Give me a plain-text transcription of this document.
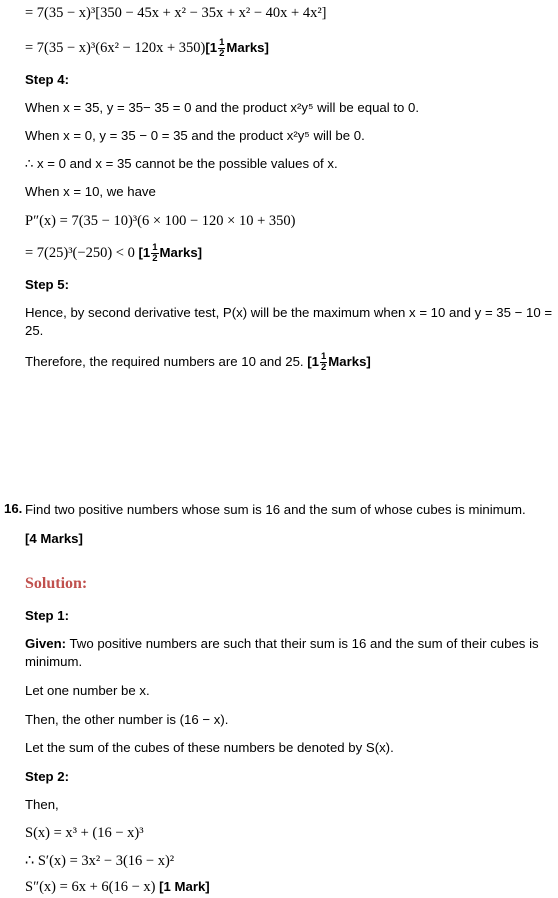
= 7(35 − x)³[350 − 45x + x² − 35x + x² − 40x + 4x²]
= $7(35 - x)^3(6x^2 - 120x + 350)[1 \frac{1}{2}$ Marks]
Step 4:
When x = 35, y = 35− 35 = 0 and the product x²y⁵ will be equal to 0.
When x = 0, y = 35 − 0 = 35 and the product x²y⁵ will be 0.
∴ x = 0 and x = 35 cannot be the possible values of x.
When x = 10, we have
P″(x) = 7(35 − 10)³(6 × 100 − 120 × 10 + 350)
= 7(25)³(−250) < 0 [$1 \frac{1}{2}$ Marks]
Step 5:
Hence, by second derivative test, P(x) will be the maximum when x = 10 and y = 35 − 10 = 25.
Therefore, the required numbers are 10 and 25. [$1 \frac{1}{2}$ Marks]
16. Find two positive numbers whose sum is 16 and the sum of whose cubes is minimum.
[4 Marks]
Solution:
Step 1:
Given: Two positive numbers are such that their sum is 16 and the sum of their cubes is minimum.
Let one number be x.
Then, the other number is (16 − x).
Let the sum of the cubes of these numbers be denoted by S(x).
Step 2:
Then,
S(x) = x³ + (16 − x)³
∴ S′(x) = 3x² − 3(16 − x)²
S″(x) = 6x + 6(16 − x) [1 Mark]
